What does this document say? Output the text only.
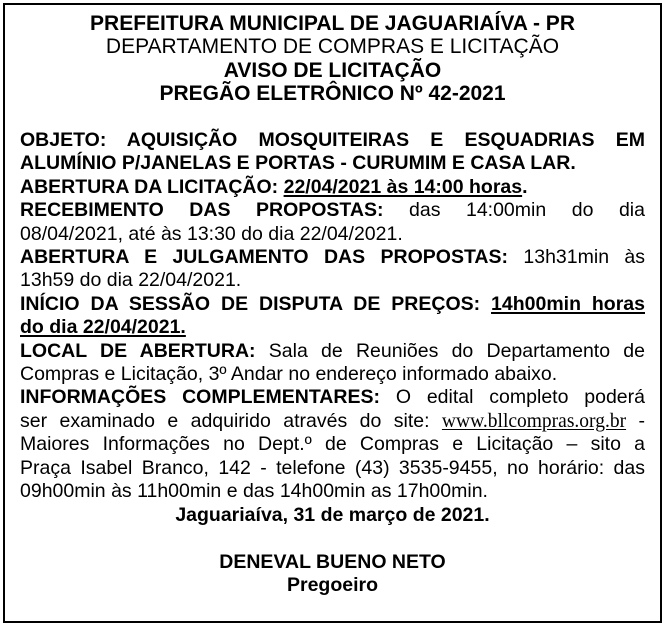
PREFEITURA MUNICIPAL DE JAGUARIAÍVA - PR
DEPARTAMENTO DE COMPRAS E LICITAÇÃO
AVISO DE LICITAÇÃO
PREGÃO ELETRÔNICO Nº 42-2021
OBJETO: AQUISIÇÃO MOSQUITEIRAS E ESQUADRIAS EM
ALUMÍNIO P/JANELAS E PORTAS - CURUMIM E CASA LAR.
ABERTURA DA LICITAÇÃO: 22/04/2021 às 14:00 horas.
RECEBIMENTO DAS PROPOSTAS: das 14:00min do dia
08/04/2021, até às 13:30 do dia 22/04/2021.
ABERTURA E JULGAMENTO DAS PROPOSTAS: 13h31min às
13h59 do dia 22/04/2021.
INÍCIO DA SESSÃO DE DISPUTA DE PREÇOS: 14h00min horas
do dia 22/04/2021.
LOCAL DE ABERTURA: Sala de Reuniões do Departamento de
Compras e Licitação, 3º Andar no endereço informado abaixo.
INFORMAÇÕES COMPLEMENTARES: O edital completo poderá
ser examinado e adquirido através do site: www.bllcompras.org.br -
Maiores Informações no Dept.º de Compras e Licitação – sito a
Praça Isabel Branco, 142 - telefone (43) 3535-9455, no horário: das
09h00min às 11h00min e das 14h00min as 17h00min.
Jaguariaíva, 31 de março de 2021.
DENEVAL BUENO NETO
Pregoeiro
